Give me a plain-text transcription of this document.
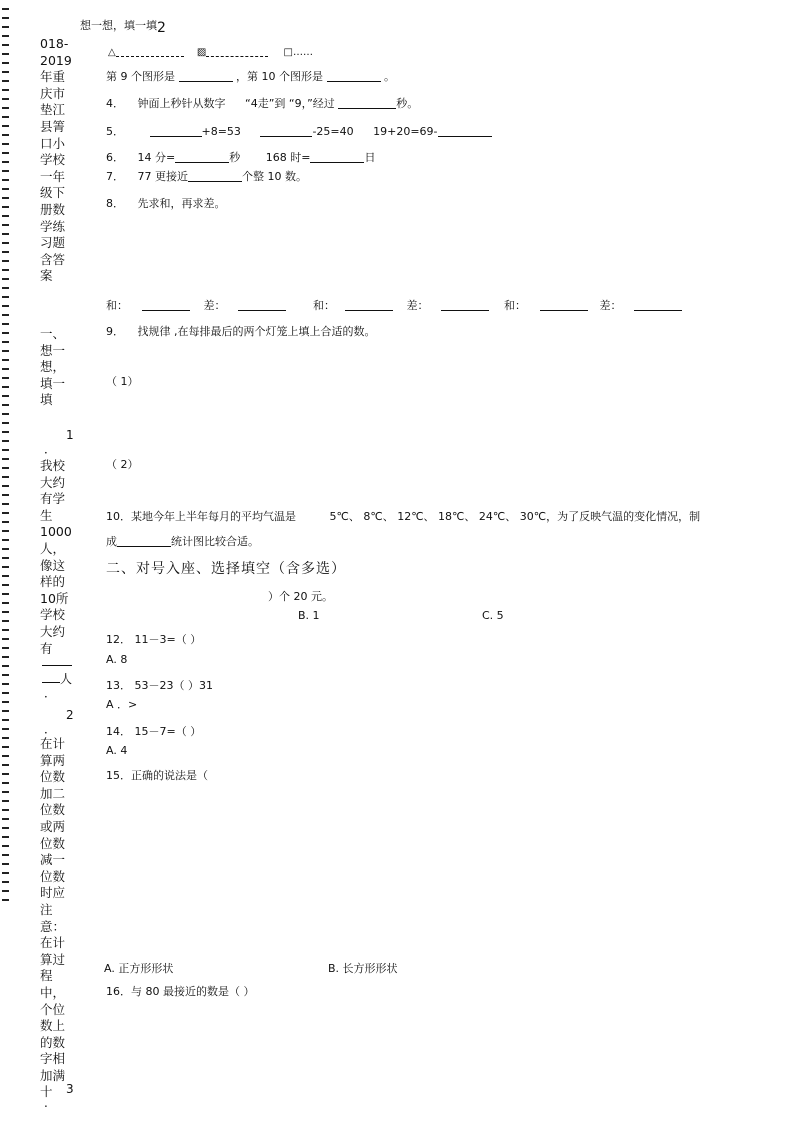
018-2019年重庆市垫江县箐口小学校一年级下册数学练习题含答案
一、想一想，填一填
1
．
我校大约有学生1000人，像这样的10所学校大约有
人
．
2
．
在计算两位数加二位数或两位数减一位数时应注意：在计算过程中，个位数上的数字相加满十	3
.
想一想，填一填2
△	▨	□……
第 9 个图形是	，第 10 个图形是	。
4． 钟面上秒针从数字 “4走”到 “9，”经过	秒。
5．	+8=53	-25=40 19+20=69-
6． 14 分=	秒 168 时=	日
7． 77 更接近	个整 10 数。
8． 先求和，再求差。
和：	差：	和：	差：	和：	差：
9． 找规律 ,在每排最后的两个灯笼上填上合适的数。
（ 1）
（ 2）
10．某地今年上半年每月的平均气温是	5℃、 8℃、 12℃、 18℃、 24℃、 30℃，为了反映气温的变化情况，制
成	统计图比较合适。
二、对号入座、选择填空（含多选）
）个 20 元。
B. 1	C. 5
12． 11－3=（ ）
A. 8
13． 53－23（ ）31
A ．>
14． 15－7=（ ）
A. 4
15．正确的说法是（
A. 正方形形状	B. 长方形形状
16．与 80 最接近的数是（ ）
